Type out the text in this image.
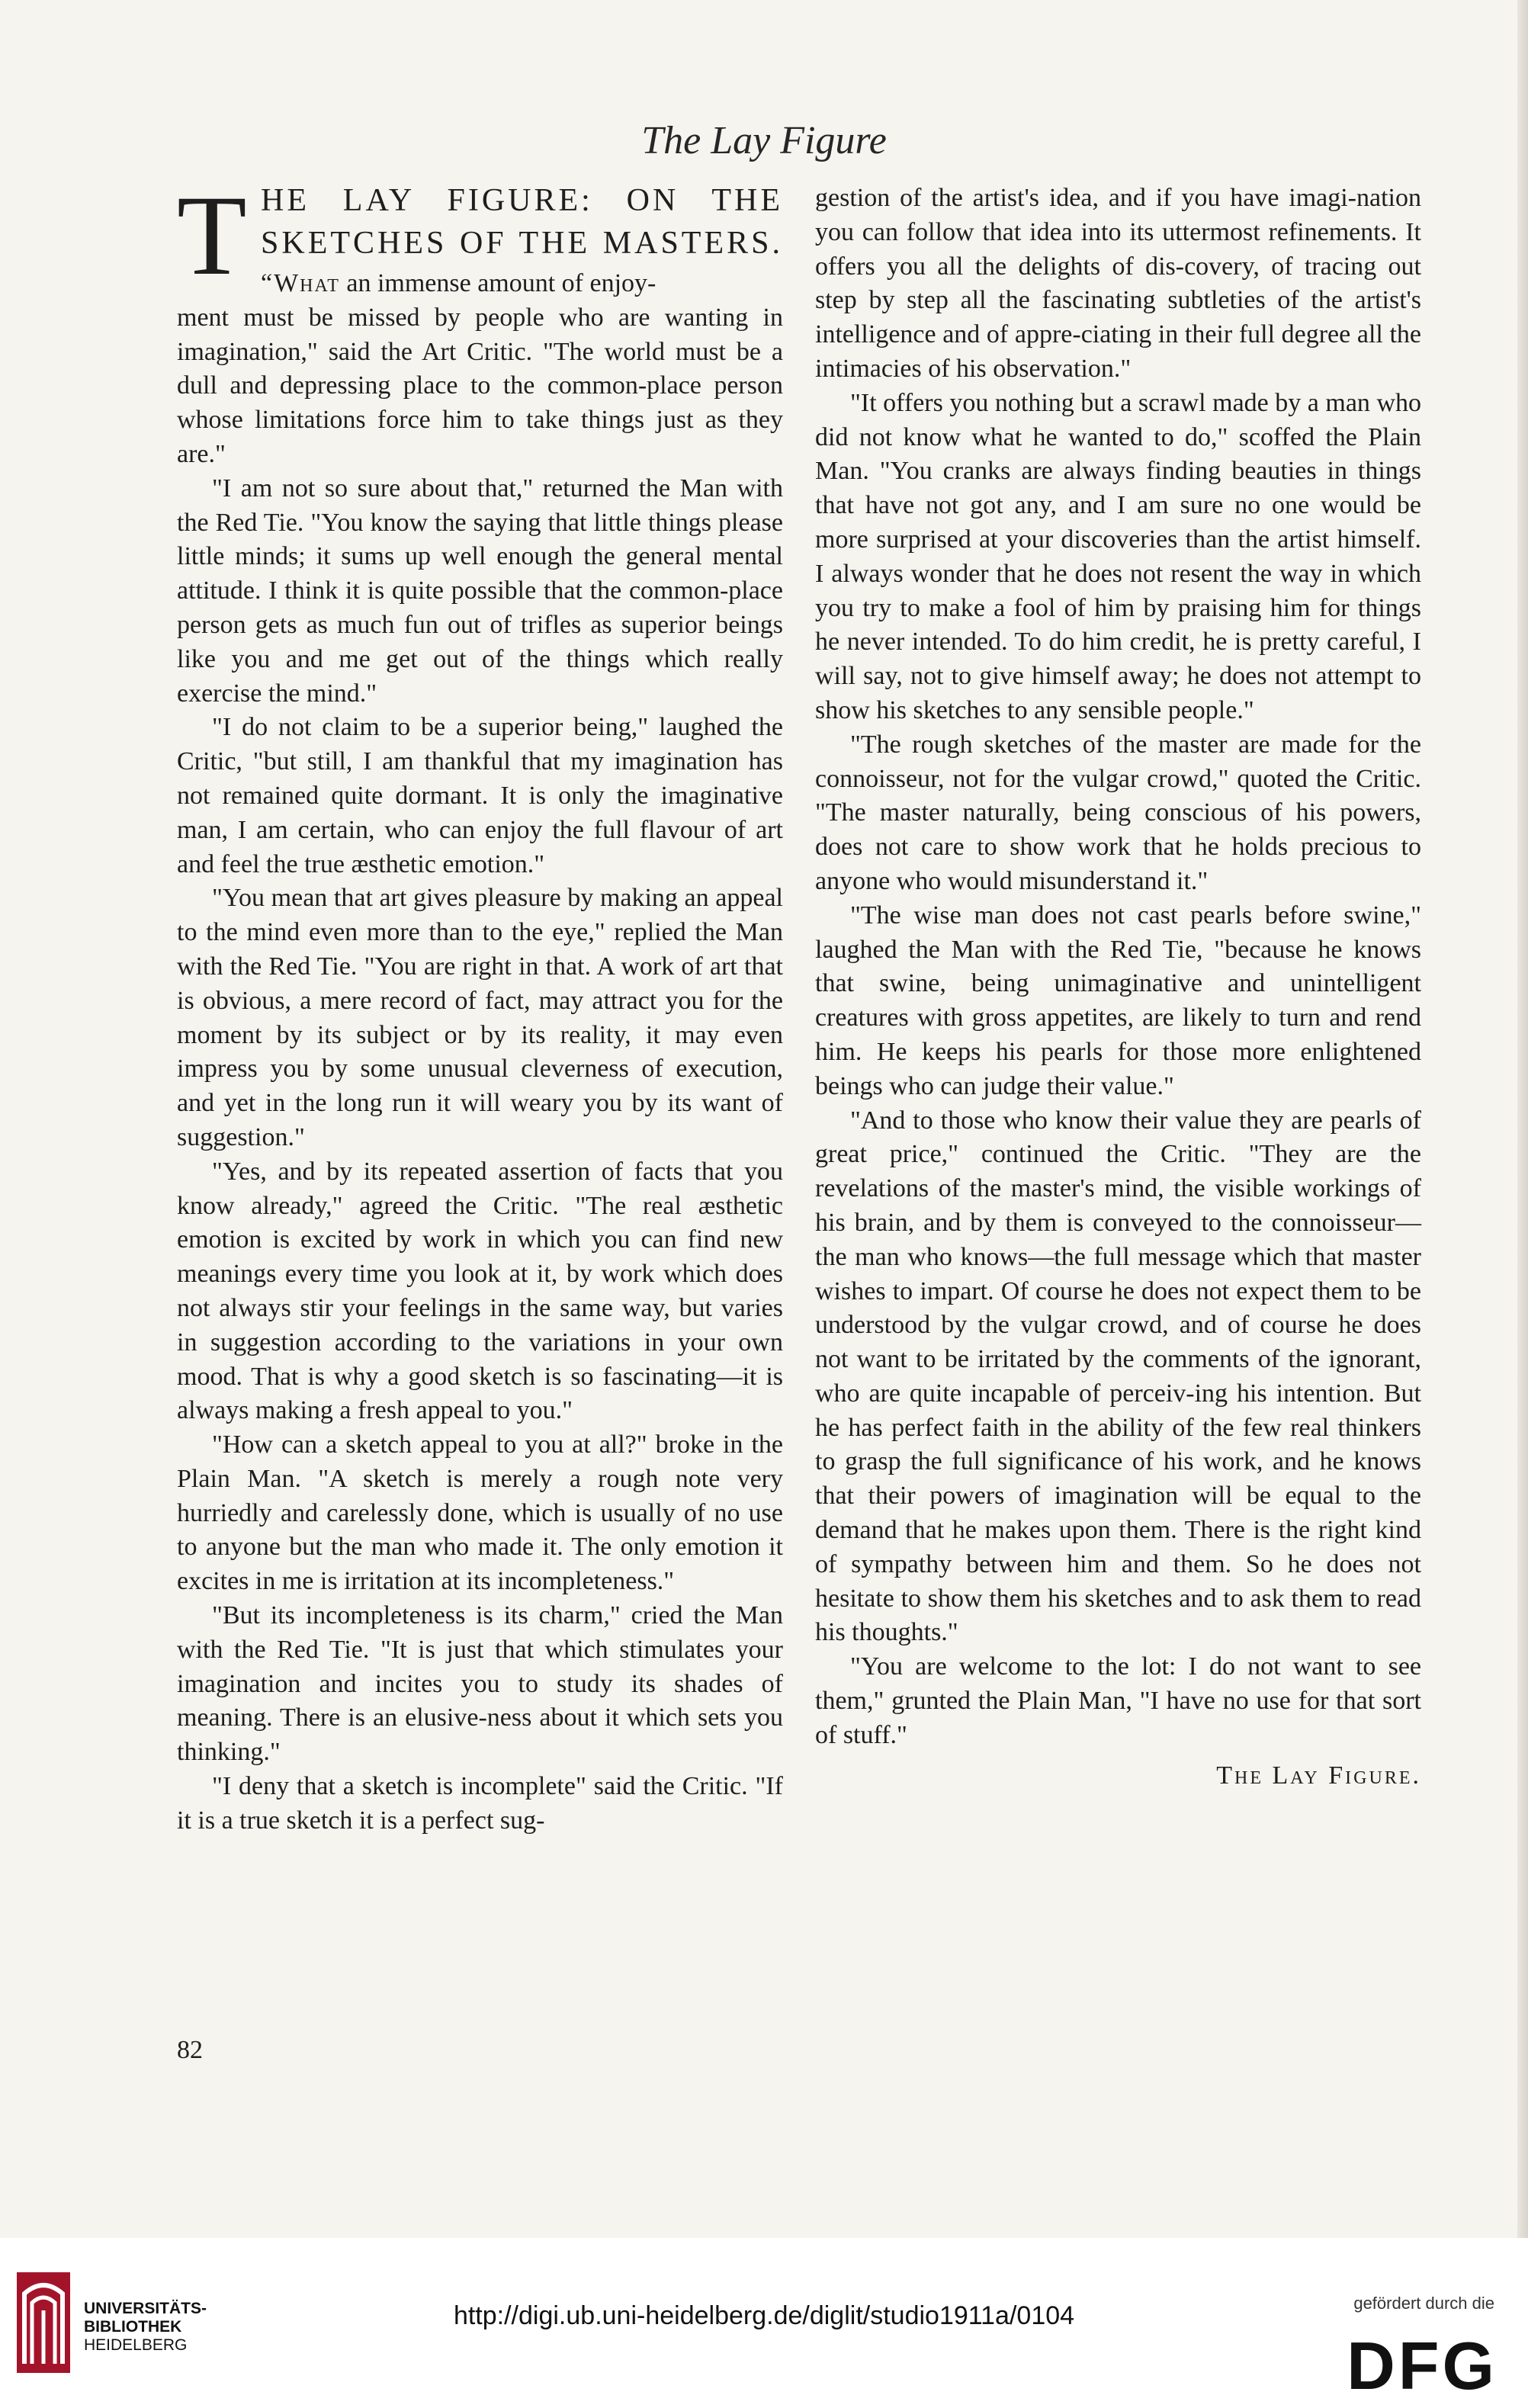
The Lay Figure
T HE LAY FIGURE: ON THE
SKETCHES OF THE MASTERS.

“What an immense amount of enjoy-

ment must be missed by people who are wanting in imagination," said the Art Critic. "The world must be a dull and depressing place to the common-place person whose limitations force him to take things just as they are."

"I am not so sure about that," returned the Man with the Red Tie. "You know the saying that little things please little minds; it sums up well enough the general mental attitude. I think it is quite possible that the common-place person gets as much fun out of trifles as superior beings like you and me get out of the things which really exercise the mind."

"I do not claim to be a superior being," laughed the Critic, "but still, I am thankful that my imagination has not remained quite dormant. It is only the imaginative man, I am certain, who can enjoy the full flavour of art and feel the true æsthetic emotion."

"You mean that art gives pleasure by making an appeal to the mind even more than to the eye," replied the Man with the Red Tie. "You are right in that. A work of art that is obvious, a mere record of fact, may attract you for the moment by its subject or by its reality, it may even impress you by some unusual cleverness of execution, and yet in the long run it will weary you by its want of suggestion."

"Yes, and by its repeated assertion of facts that you know already," agreed the Critic. "The real æsthetic emotion is excited by work in which you can find new meanings every time you look at it, by work which does not always stir your feelings in the same way, but varies in suggestion according to the variations in your own mood. That is why a good sketch is so fascinating—it is always making a fresh appeal to you."

"How can a sketch appeal to you at all?" broke in the Plain Man. "A sketch is merely a rough note very hurriedly and carelessly done, which is usually of no use to anyone but the man who made it. The only emotion it excites in me is irritation at its incompleteness."

"But its incompleteness is its charm," cried the Man with the Red Tie. "It is just that which stimulates your imagination and incites you to study its shades of meaning. There is an elusive-ness about it which sets you thinking."

"I deny that a sketch is incomplete" said the Critic. "If it is a true sketch it is a perfect sug-

gestion of the artist's idea, and if you have imagi-nation you can follow that idea into its uttermost refinements. It offers you all the delights of dis-covery, of tracing out step by step all the fascinating subtleties of the artist's intelligence and of appre-ciating in their full degree all the intimacies of his observation."

"It offers you nothing but a scrawl made by a man who did not know what he wanted to do," scoffed the Plain Man. "You cranks are always finding beauties in things that have not got any, and I am sure no one would be more surprised at your discoveries than the artist himself. I always wonder that he does not resent the way in which you try to make a fool of him by praising him for things he never intended. To do him credit, he is pretty careful, I will say, not to give himself away; he does not attempt to show his sketches to any sensible people."

"The rough sketches of the master are made for the connoisseur, not for the vulgar crowd," quoted the Critic. "The master naturally, being conscious of his powers, does not care to show work that he holds precious to anyone who would misunderstand it."

"The wise man does not cast pearls before swine," laughed the Man with the Red Tie, "because he knows that swine, being unimaginative and unintelligent creatures with gross appetites, are likely to turn and rend him. He keeps his pearls for those more enlightened beings who can judge their value."

"And to those who know their value they are pearls of great price," continued the Critic. "They are the revelations of the master's mind, the visible workings of his brain, and by them is conveyed to the connoisseur—the man who knows—the full message which that master wishes to impart. Of course he does not expect them to be understood by the vulgar crowd, and of course he does not want to be irritated by the comments of the ignorant, who are quite incapable of perceiv-ing his intention. But he has perfect faith in the ability of the few real thinkers to grasp the full significance of his work, and he knows that their powers of imagination will be equal to the demand that he makes upon them. There is the right kind of sympathy between him and them. So he does not hesitate to show them his sketches and to ask them to read his thoughts."

"You are welcome to the lot: I do not want to see them," grunted the Plain Man, "I have no use for that sort of stuff."

The Lay Figure.

82
UNIVERSITÄTS-
BIBLIOTHEK
HEIDELBERG
http://digi.ub.uni-heidelberg.de/diglit/studio1911a/0104	gefördert durch die
DFG
